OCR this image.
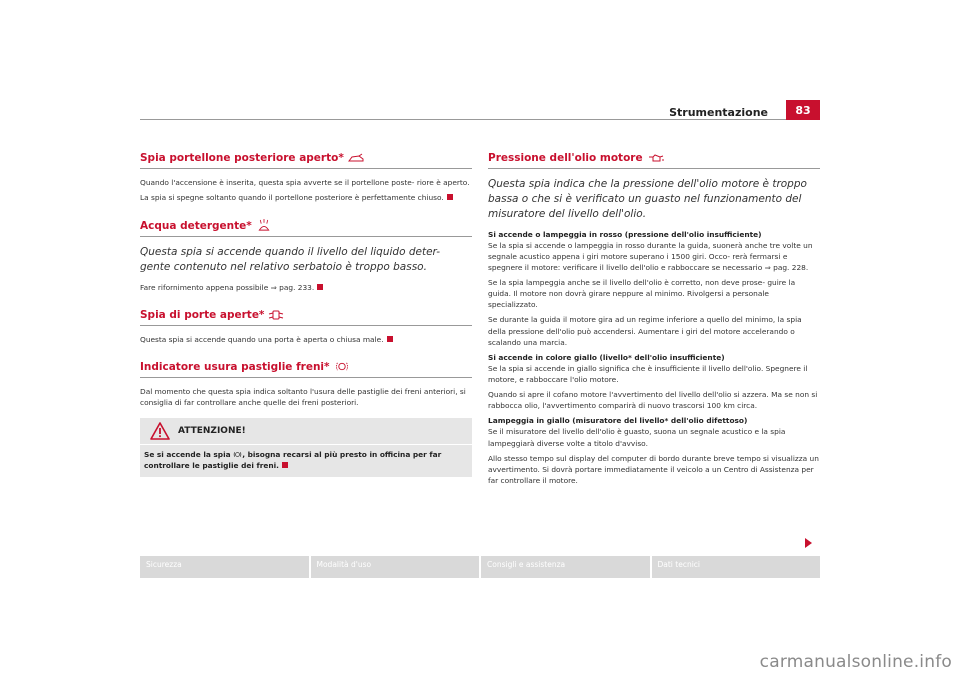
Strumentazione	83
Spia portellone posteriore aperto*
Quando l'accensione è inserita, questa spia avverte se il portellone poste- riore è aperto.
La spia si spegne soltanto quando il portellone posteriore è perfettamente chiuso.
Acqua detergente*
Questa spia si accende quando il livello del liquido deter- gente contenuto nel relativo serbatoio è troppo basso.
Fare rifornimento appena possibile ⇒ pag. 233.
Spia di porte aperte*
Questa spia si accende quando una porta è aperta o chiusa male.
Indicatore usura pastiglie freni*
Dal momento che questa spia indica soltanto l'usura delle pastiglie dei freni anteriori, si consiglia di far controllare anche quelle dei freni posteriori.
ATTENZIONE!
Se si accende la spia , bisogna recarsi al più presto in officina per far controllare le pastiglie dei freni.
Pressione dell'olio motore
Questa spia indica che la pressione dell'olio motore è troppo bassa o che si è verificato un guasto nel funzionamento del misuratore del livello dell'olio.
Si accende o lampeggia in rosso (pressione dell'olio insufficiente)
Se la spia si accende o lampeggia in rosso durante la guida, suonerà anche tre volte un segnale acustico appena i giri motore superano i 1500 giri. Occo- rerà fermarsi e spegnere il motore: verificare il livello dell'olio e rabboccare se necessario ⇒ pag. 228.
Se la spia lampeggia anche se il livello dell'olio è corretto, non deve prose- guire la guida. Il motore non dovrà girare neppure al minimo. Rivolgersi a personale specializzato.
Se durante la guida il motore gira ad un regime inferiore a quello del minimo, la spia della pressione dell'olio può accendersi. Aumentare i giri del motore accelerando o scalando una marcia.
Si accende in colore giallo (livello* dell'olio insufficiente)
Se la spia si accende in giallo significa che è insufficiente il livello dell'olio. Spegnere il motore, e rabboccare l'olio motore.
Quando si apre il cofano motore l'avvertimento del livello dell'olio si azzera. Ma se non si rabbocca olio, l'avvertimento comparirà di nuovo trascorsi 100 km circa.
Lampeggia in giallo (misuratore del livello* dell'olio difettoso)
Se il misuratore del livello dell'olio è guasto, suona un segnale acustico e la spia lampeggiarà diverse volte a titolo d'avviso.
Allo stesso tempo sul display del computer di bordo durante breve tempo si visualizza un avvertimento. Si dovrà portare immediatamente il veicolo a un Centro di Assistenza per far controllare il motore.
Sicurezza	Modalità d'uso	Consigli e assistenza	Dati tecnici
carmanualsonline.info
